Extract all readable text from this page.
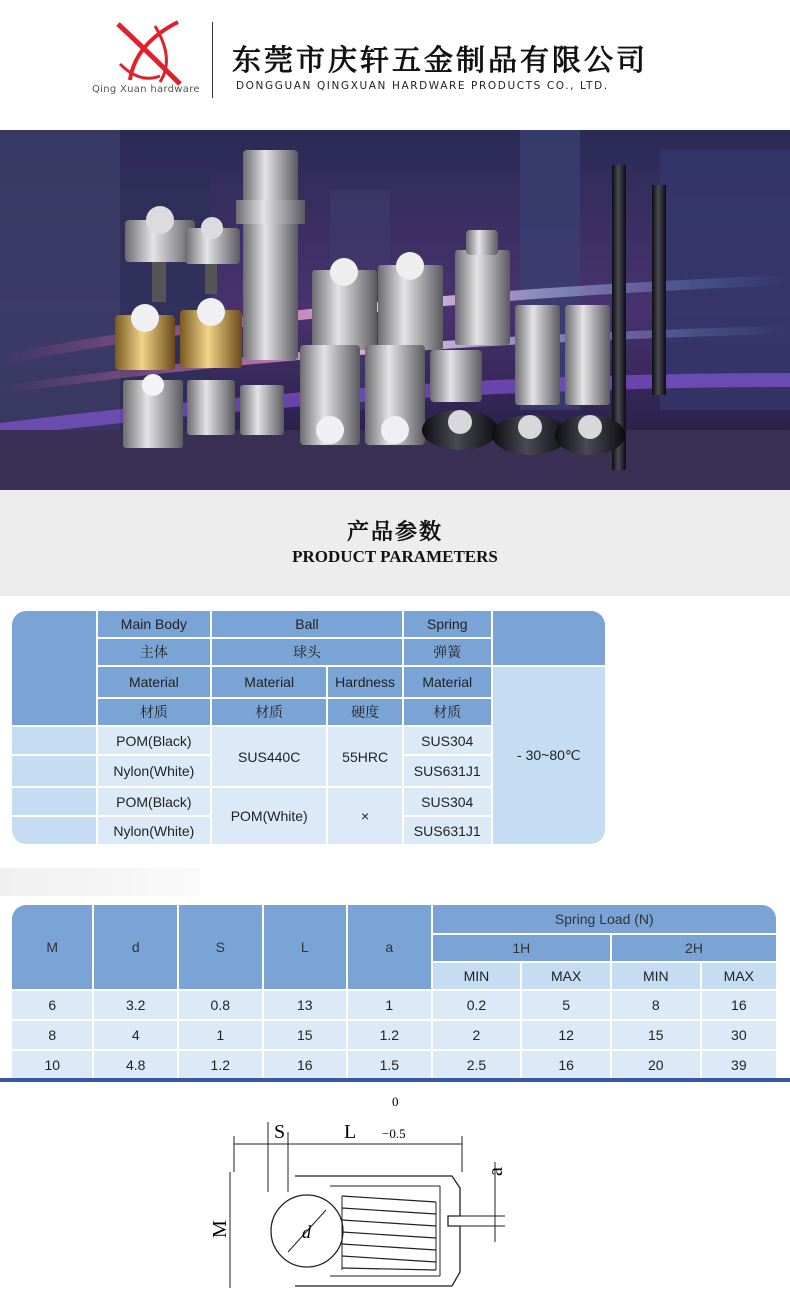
Qing Xuan hardware
东莞市庆轩五金制品有限公司
DONGGUAN QINGXUAN HARDWARE PRODUCTS CO., LTD.
产品参数
PRODUCT PARAMETERS
	Main Body	Ball		Spring	
	主体	球头		弹簧	
	Material	Material	Hardness	Material	- 30~80℃
	材质	材质	硬度	材质	
	POM(Black)	SUS440C	55HRC	SUS304	
	Nylon(White)			SUS631J1	
	POM(Black)	POM(White)	×	SUS304	
	Nylon(White)			SUS631J1	
M	d	S	L	a	Spring Load (N)			
					1H		2H	
					MIN	MAX	MIN	MAX
6	3.2	0.8	13	1	0.2	5	8	16
8	4	1	15	1.2	2	12	15	30
10	4.8	1.2	16	1.5	2.5	16	20	39
0
−0.5
S	L
d
M
a
